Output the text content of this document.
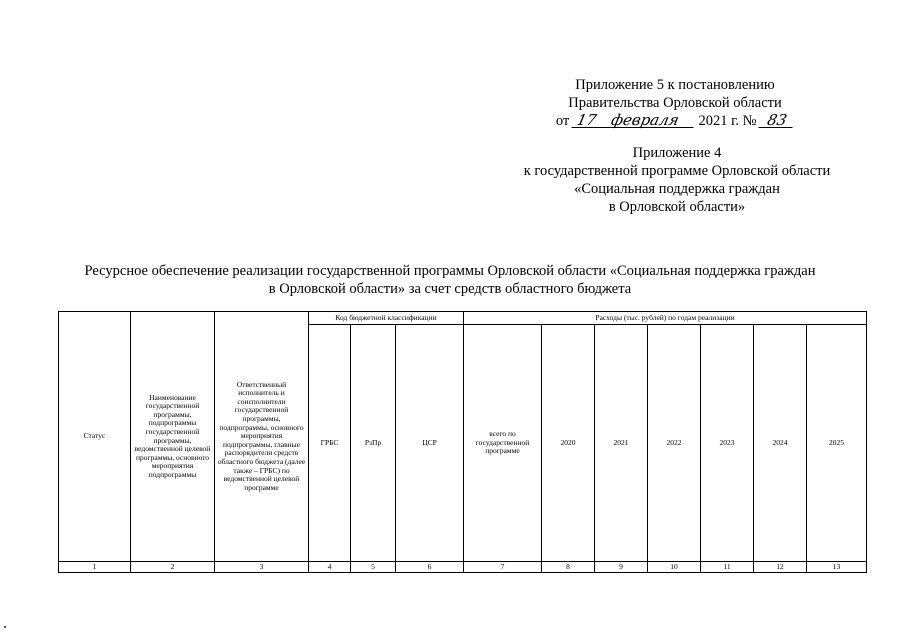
Приложение 5 к постановлению
Правительства Орловской области
от 17 февраля 2021 г. № 83
Приложение 4
к государственной программе Орловской области
«Социальная поддержка граждан
в Орловской области»
Ресурсное обеспечение реализации государственной программы Орловской области «Социальная поддержка граждан
в Орловской области» за счет средств областного бюджета
Статус	Наименование государственной программы, подпрограммы государственной программы, ведомственной целевой программы, основного мероприятия подпрограммы	Ответственный исполнитель и соисполнители государственной программы, подпрограммы, основного мероприятия подпрограммы, главные распорядители средств областного бюджета (далее также – ГРБС) по ведомственной целевой программе	Код бюджетной классификации			Расходы (тыс. рублей) по годам реализации						
			ГРБС	РзПр	ЦСР	всего по государственной программе	2020	2021	2022	2023	2024	2025
1	2	3	4	5	6	7	8	9	10	11	12	13
